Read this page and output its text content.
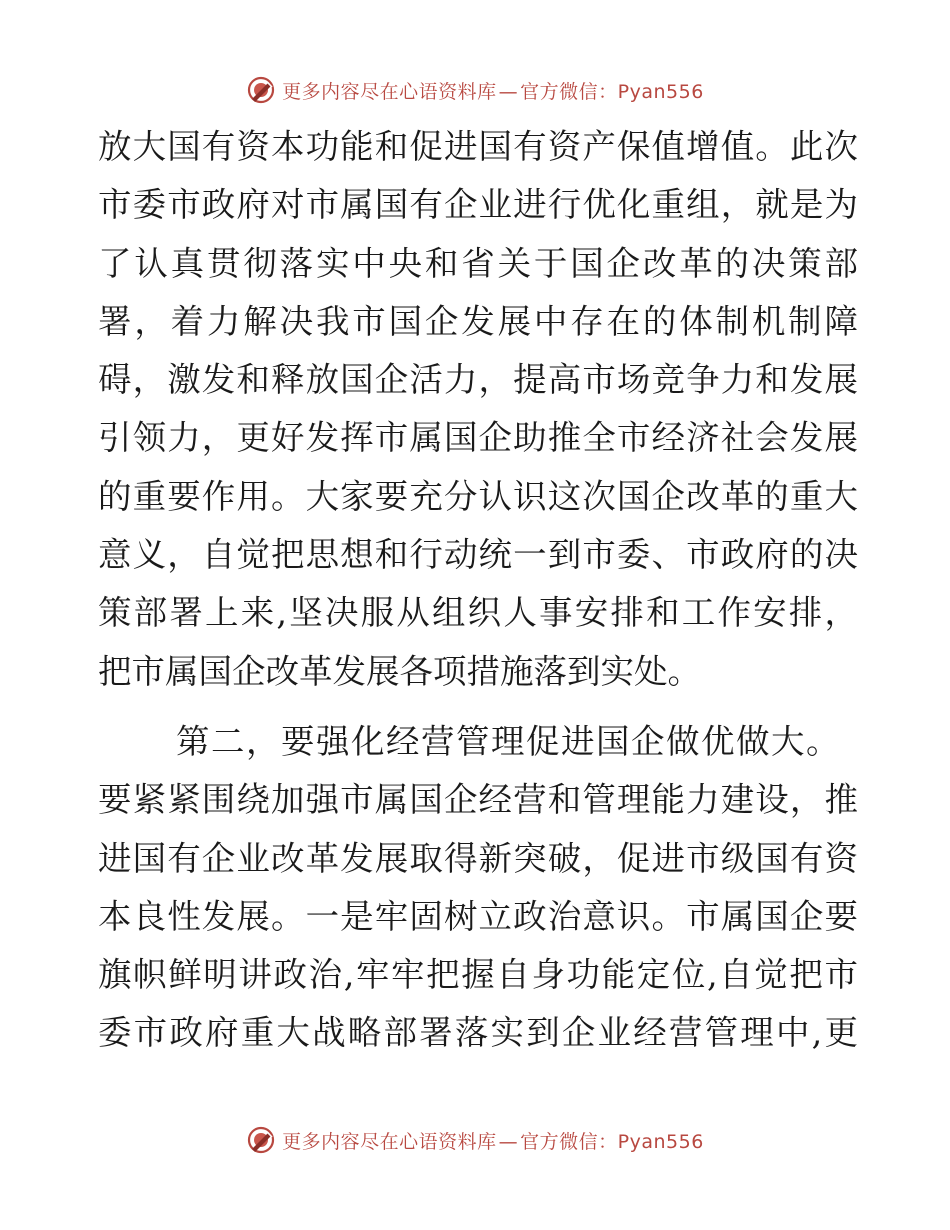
更多内容尽在心语资料库 — 官方微信：Pyan556
放大国有资本功能和促进国有资产保值增值。此次
市委市政府对市属国有企业进行优化重组，就是为
了认真贯彻落实中央和省关于国企改革的决策部
署，着力解决我市国企发展中存在的体制机制障
碍，激发和释放国企活力，提高市场竞争力和发展
引领力，更好发挥市属国企助推全市经济社会发展
的重要作用。大家要充分认识这次国企改革的重大
意义，自觉把思想和行动统一到市委、市政府的决
策部署上来,坚决服从组织人事安排和工作安排，
把市属国企改革发展各项措施落到实处。
第二，要强化经营管理促进国企做优做大。
要紧紧围绕加强市属国企经营和管理能力建设，推
进国有企业改革发展取得新突破，促进市级国有资
本良性发展。一是牢固树立政治意识。市属国企要
旗帜鲜明讲政治,牢牢把握自身功能定位,自觉把市
委市政府重大战略部署落实到企业经营管理中,更
更多内容尽在心语资料库 — 官方微信：Pyan556
